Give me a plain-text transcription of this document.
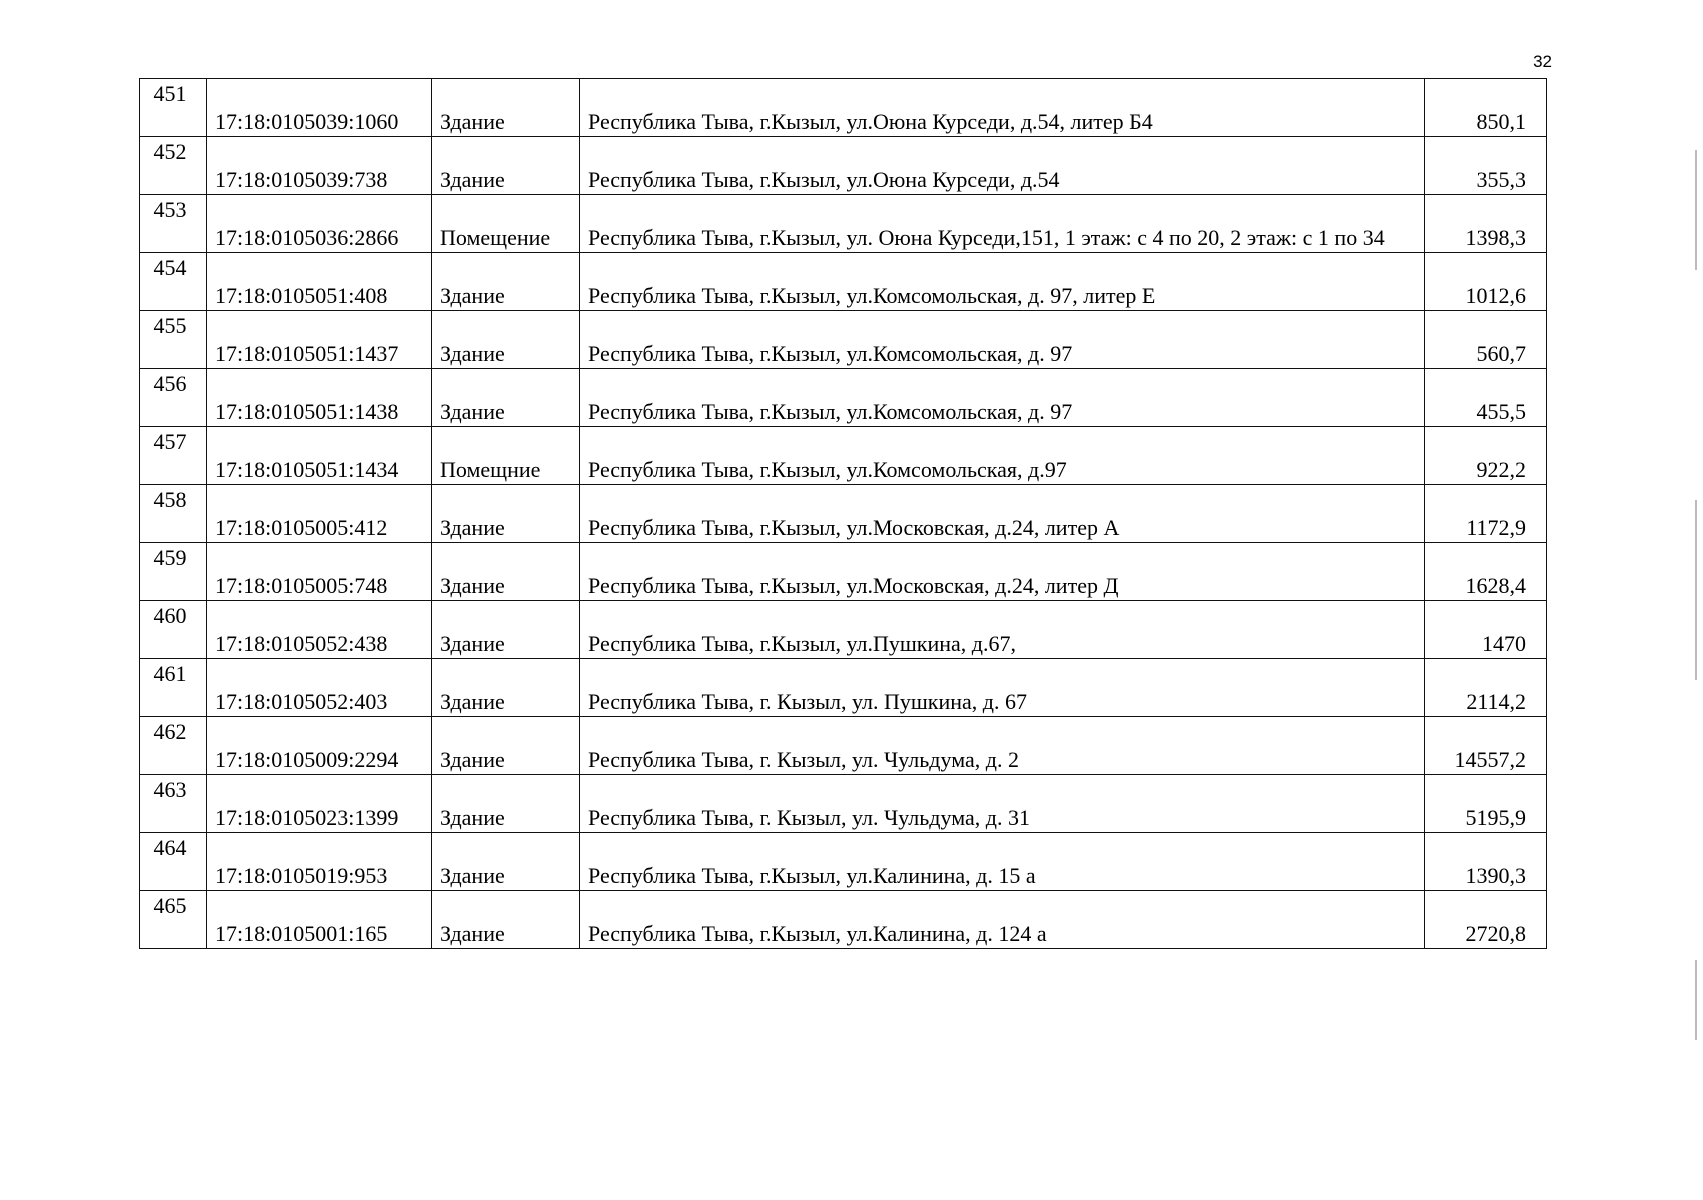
32
451	17:18:0105039:1060	Здание	Республика Тыва, г.Кызыл, ул.Оюна Курседи, д.54, литер Б4	850,1
452	17:18:0105039:738	Здание	Республика Тыва, г.Кызыл, ул.Оюна Курседи, д.54	355,3
453	17:18:0105036:2866	Помещение	Республика Тыва, г.Кызыл, ул. Оюна Курседи,151, 1 этаж: с 4 по 20, 2 этаж: с 1 по 34	1398,3
454	17:18:0105051:408	Здание	Республика Тыва, г.Кызыл, ул.Комсомольская, д. 97, литер Е	1012,6
455	17:18:0105051:1437	Здание	Республика Тыва, г.Кызыл, ул.Комсомольская, д. 97	560,7
456	17:18:0105051:1438	Здание	Республика Тыва, г.Кызыл, ул.Комсомольская, д. 97	455,5
457	17:18:0105051:1434	Помещние	Республика Тыва, г.Кызыл, ул.Комсомольская, д.97	922,2
458	17:18:0105005:412	Здание	Республика Тыва, г.Кызыл, ул.Московская, д.24, литер А	1172,9
459	17:18:0105005:748	Здание	Республика Тыва, г.Кызыл, ул.Московская, д.24, литер Д	1628,4
460	17:18:0105052:438	Здание	Республика Тыва, г.Кызыл, ул.Пушкина, д.67,	1470
461	17:18:0105052:403	Здание	Республика Тыва, г. Кызыл, ул. Пушкина, д. 67	2114,2
462	17:18:0105009:2294	Здание	Республика Тыва, г. Кызыл, ул. Чульдума, д. 2	14557,2
463	17:18:0105023:1399	Здание	Республика Тыва, г. Кызыл, ул. Чульдума, д. 31	5195,9
464	17:18:0105019:953	Здание	Республика Тыва, г.Кызыл, ул.Калинина, д. 15 а	1390,3
465	17:18:0105001:165	Здание	Республика Тыва, г.Кызыл, ул.Калинина, д. 124 а	2720,8
